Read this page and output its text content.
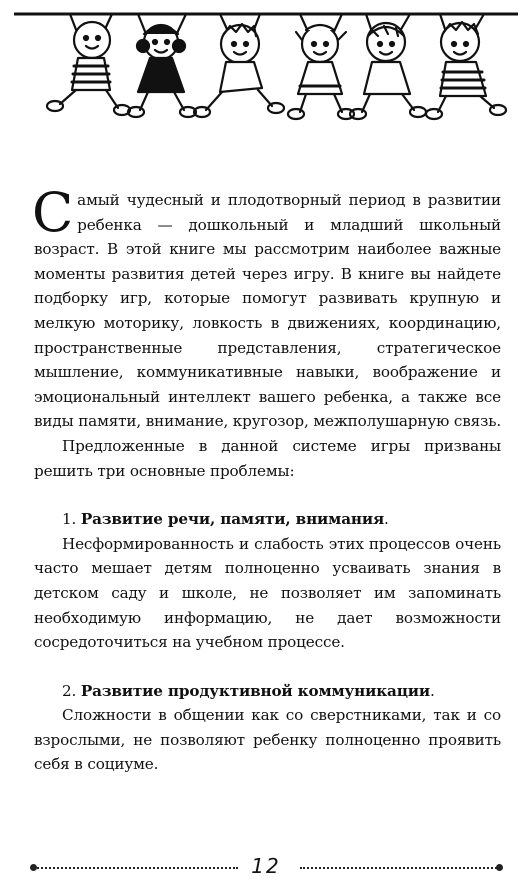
Самый чудесный и плодотворный период в развитии ребенка — дошкольный и младший школьный возраст. В этой книге мы рассмотрим наиболее важные моменты развития детей через игру. В книге вы найдете подборку игр, которые помогут развивать крупную и мелкую моторику, ловкость в движениях, координацию, пространственные представления, стратегическое мышление, коммуникативные навыки, воображение и эмоциональный интеллект вашего ребенка, а также все виды памяти, внимание, кругозор, межполушарную связь.

Предложенные в данной системе игры призваны решить три основные проблемы:

1. Развитие речи, памяти, внимания.

Несформированность и слабость этих процессов очень часто мешает детям полноценно усваивать знания в детском саду и школе, не позволяет им запоминать необходимую информацию, не дает возможности сосредоточиться на учебном процессе.

2. Развитие продуктивной коммуникации.

Сложности в общении как со сверстниками, так и со взрослыми, не позволяют ребенку полноценно проявить себя в социуме.

12
